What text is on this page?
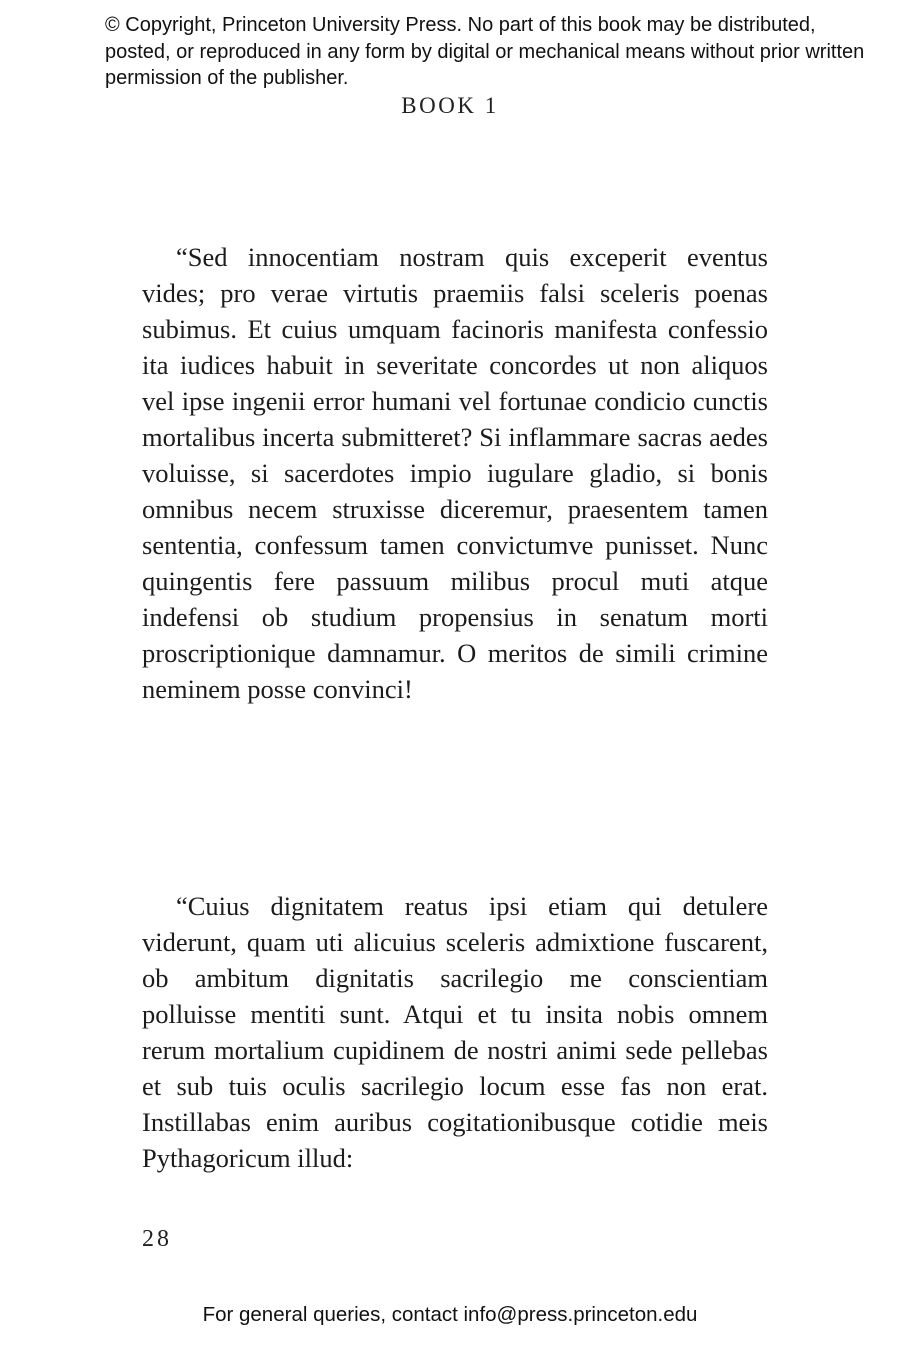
© Copyright, Princeton University Press. No part of this book may be distributed, posted, or reproduced in any form by digital or mechanical means without prior written permission of the publisher.
BOOK 1

“Sed innocentiam nostram quis exceperit eventus vides; pro verae virtutis praemiis falsi sceleris poenas subimus. Et cuius umquam facinoris manifesta confessio ita iudices habuit in severitate concordes ut non aliquos vel ipse ingenii error humani vel fortunae condicio cunctis mortalibus incerta submitteret? Si inflammare sacras aedes voluisse, si sacerdotes impio iugulare gladio, si bonis omnibus necem struxisse diceremur, praesentem tamen sententia, confessum tamen convictumve punisset. Nunc quingentis fere passuum milibus procul muti atque indefensi ob studium propensius in senatum morti proscriptionique damnamur. O meritos de simili crimine neminem posse convinci!

“Cuius dignitatem reatus ipsi etiam qui detulere viderunt, quam uti alicuius sceleris admixtione fuscarent, ob ambitum dignitatis sacrilegio me conscientiam polluisse mentiti sunt. Atqui et tu insita nobis omnem rerum mortalium cupidinem de nostri animi sede pellebas et sub tuis oculis sacrilegio locum esse fas non erat. Instillabas enim auribus cogitationibusque cotidie meis Pythagoricum illud:

28
For general queries, contact info@press.princeton.edu
